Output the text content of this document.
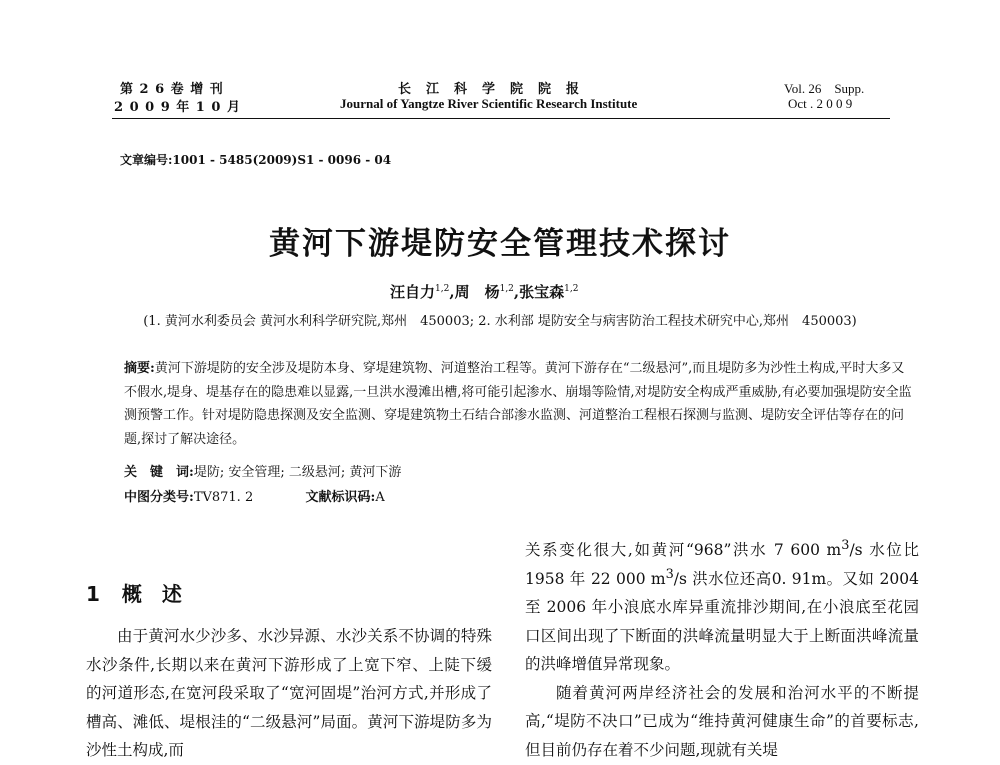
第 2 6 卷 增 刊
2 0 0 9 年 1 0 月
长　江　科　学　院　院　报
Journal of Yangtze River Scientific Research Institute
Vol. 26　Supp.
Oct . 2 0 0 9
文章编号:1001 - 5485(2009)S1 - 0096 - 04
黄河下游堤防安全管理技术探讨
汪自力$^{1,2}$,周　杨$^{1,2}$,张宝森$^{1,2}$
(1. 黄河水利委员会 黄河水利科学研究院,郑州　450003; 2. 水利部 堤防安全与病害防治工程技术研究中心,郑州　450003)

摘要:黄河下游堤防的安全涉及堤防本身、穿堤建筑物、河道整治工程等。黄河下游存在“二级悬河”,而且堤防多为沙性土构成,平时大多又不假水,堤身、堤基存在的隐患难以显露,一旦洪水漫滩出槽,将可能引起渗水、崩塌等险情,对堤防安全构成严重威胁,有必要加强堤防安全监测预警工作。针对堤防隐患探测及安全监测、穿堤建筑物土石结合部渗水监测、河道整治工程根石探测与监测、堤防安全评估等存在的问题,探讨了解决途径。

关　键　词:堤防; 安全管理; 二级悬河; 黄河下游
中图分类号:TV871. 2	文献标识码:A
1 概　述

由于黄河水少沙多、水沙异源、水沙关系不协调的特殊水沙条件,长期以来在黄河下游形成了上宽下窄、上陡下缓的河道形态,在宽河段采取了“宽河固堤”治河方式,并形成了槽高、滩低、堤根洼的“二级悬河”局面。黄河下游堤防多为沙性土构成,而

关系变化很大,如黄河“968”洪水 7 600 $m^3/s$ 水位比 1958 年 22 000 $m^3/s$ 洪水位还高0. 91m。又如 2004 至 2006 年小浪底水库异重流排沙期间,在小浪底至花园口区间出现了下断面的洪峰流量明显大于上断面洪峰流量的洪峰增值异常现象。

随着黄河两岸经济社会的发展和治河水平的不断提高,“堤防不决口”已成为“维持黄河健康生命”的首要标志,但目前仍存在着不少问题,现就有关堤
